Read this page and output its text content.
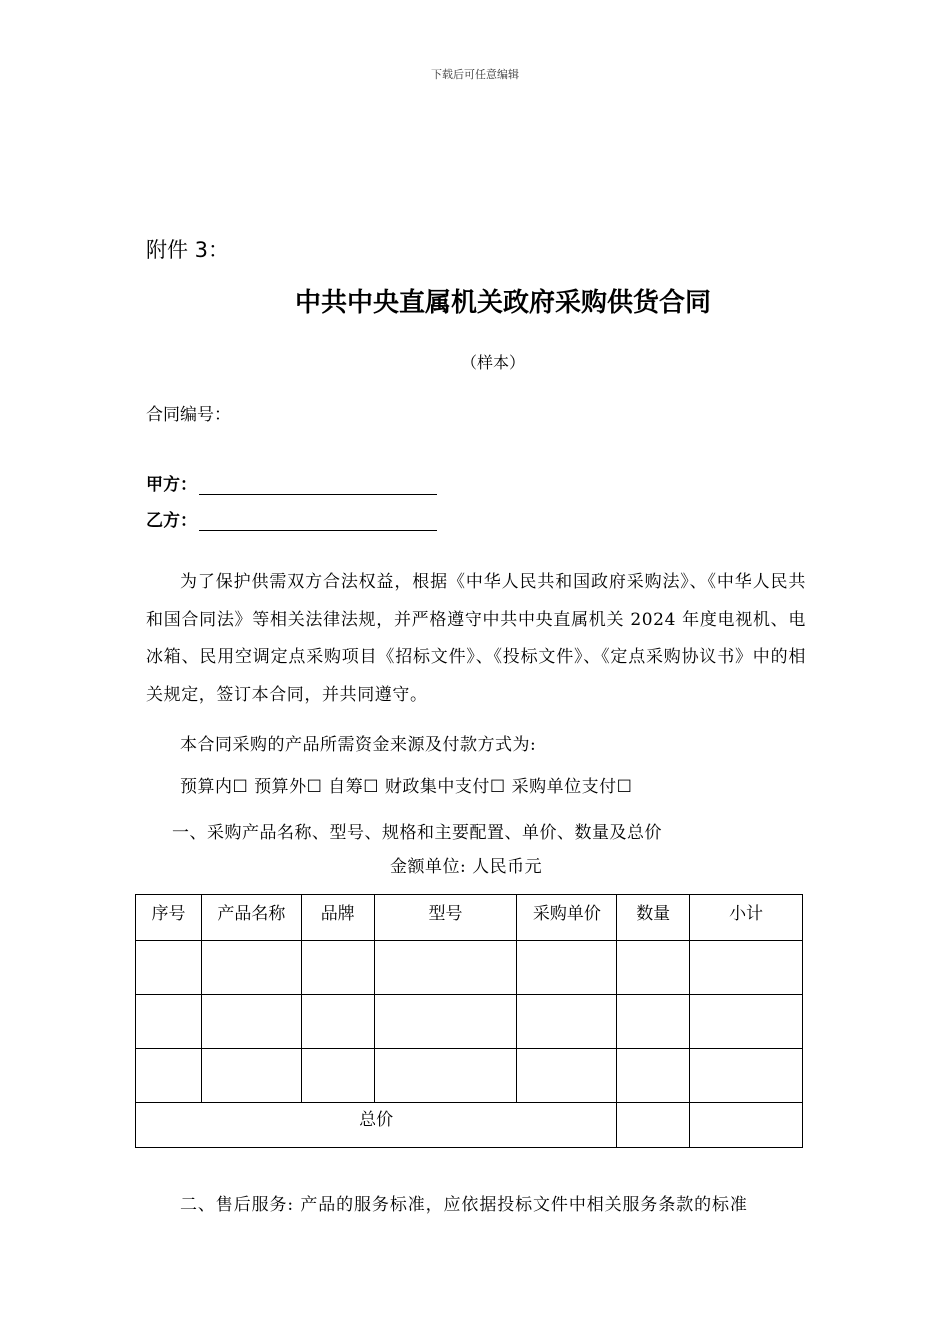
下载后可任意编辑
附件 3：
中共中央直属机关政府采购供货合同
（样本）
合同编号：
甲方：
乙方：
为了保护供需双方合法权益，根据《中华人民共和国政府采购法》、《中华人民共和国合同法》等相关法律法规，并严格遵守中共中央直属机关 2024 年度电视机、电冰箱、民用空调定点采购项目《招标文件》、《投标文件》、《定点采购协议书》中的相关规定，签订本合同，并共同遵守。
本合同采购的产品所需资金来源及付款方式为:
预算内☐ 预算外☐ 自筹☐ 财政集中支付☐ 采购单位支付☐
一、采购产品名称、型号、规格和主要配置、单价、数量及总价
金额单位: 人民币元
序号	产品名称	品牌	型号	采购单价	数量	小计

总价						
二、售后服务: 产品的服务标准，应依据投标文件中相关服务条款的标准
